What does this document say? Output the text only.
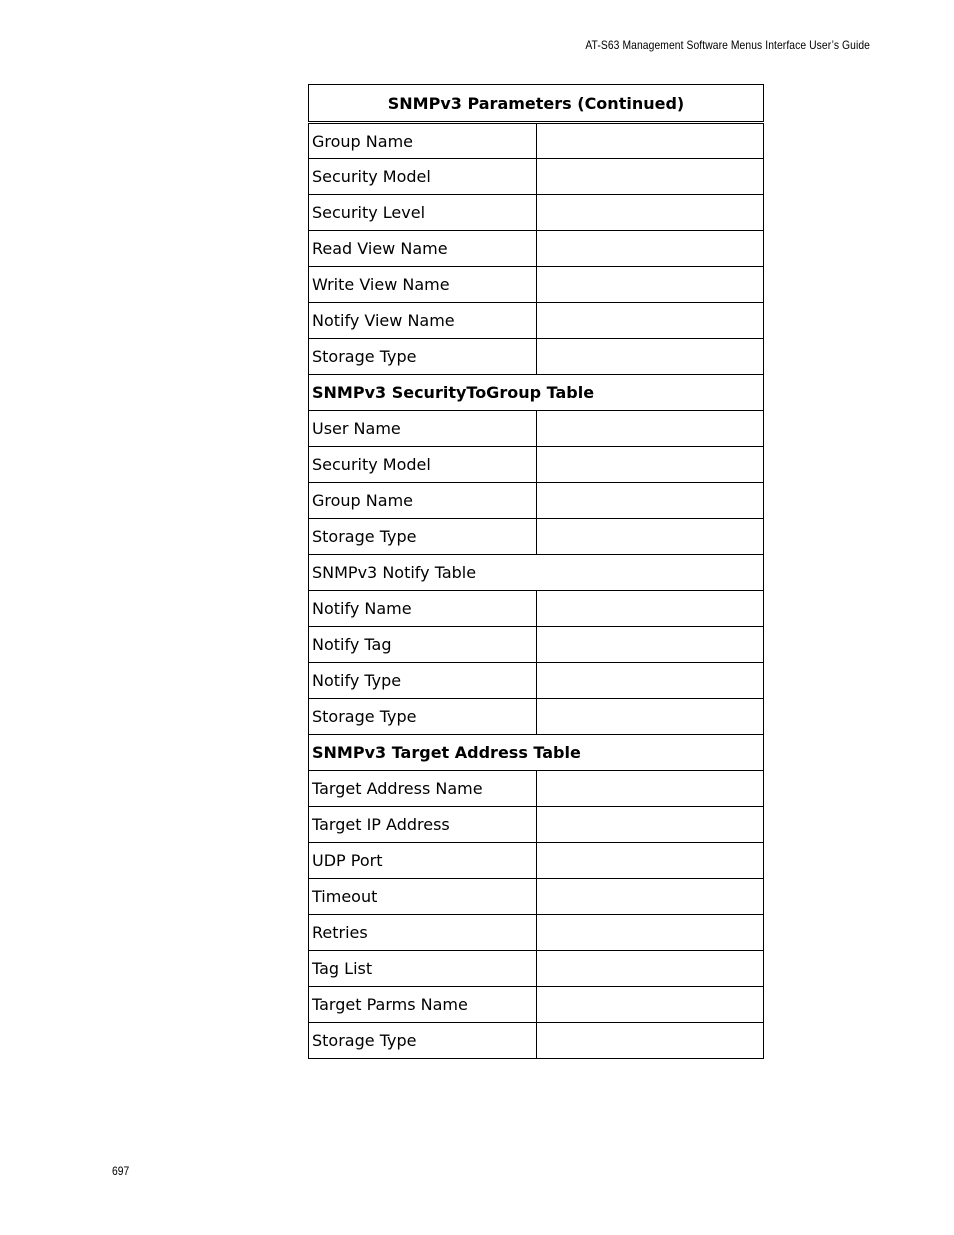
AT-S63 Management Software Menus Interface User’s Guide
SNMPv3 Parameters (Continued)	
Group Name	
Security Model	
Security Level	
Read View Name	
Write View Name	
Notify View Name	
Storage Type	
SNMPv3 SecurityToGroup Table	
User Name	
Security Model	
Group Name	
Storage Type	
SNMPv3 Notify Table	
Notify Name	
Notify Tag	
Notify Type	
Storage Type	
SNMPv3 Target Address Table	
Target Address Name	
Target IP Address	
UDP Port	
Timeout	
Retries	
Tag List	
Target Parms Name	
Storage Type	
697
